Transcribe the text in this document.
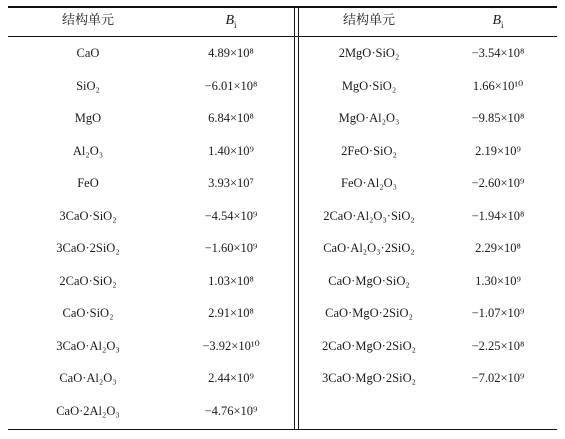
结构单元	$B_i$
CaO	4.89×10⁸
SiO₂	−6.01×10⁸
MgO	6.84×10⁸
Al₂O₃	1.40×10⁹
FeO	3.93×10⁷
3CaO·SiO₂	−4.54×10⁹
3CaO·2SiO₂	−1.60×10⁹
2CaO·SiO₂	1.03×10⁸
CaO·SiO₂	2.91×10⁸
3CaO·Al₂O₃	−3.92×10¹⁰
CaO·Al₂O₃	2.44×10⁹
CaO·2Al₂O₃	−4.76×10⁹
结构单元	$B_i$
2MgO·SiO₂	−3.54×10⁸
MgO·SiO₂	1.66×10¹⁰
MgO·Al₂O₃	−9.85×10⁸
2FeO·SiO₂	2.19×10⁹
FeO·Al₂O₃	−2.60×10⁹
2CaO·Al₂O₃·SiO₂	−1.94×10⁸
CaO·Al₂O₃·2SiO₂	2.29×10⁸
CaO·MgO·SiO₂	1.30×10⁹
CaO·MgO·2SiO₂	−1.07×10⁹
2CaO·MgO·2SiO₂	−2.25×10⁸
3CaO·MgO·2SiO₂	−7.02×10⁹
